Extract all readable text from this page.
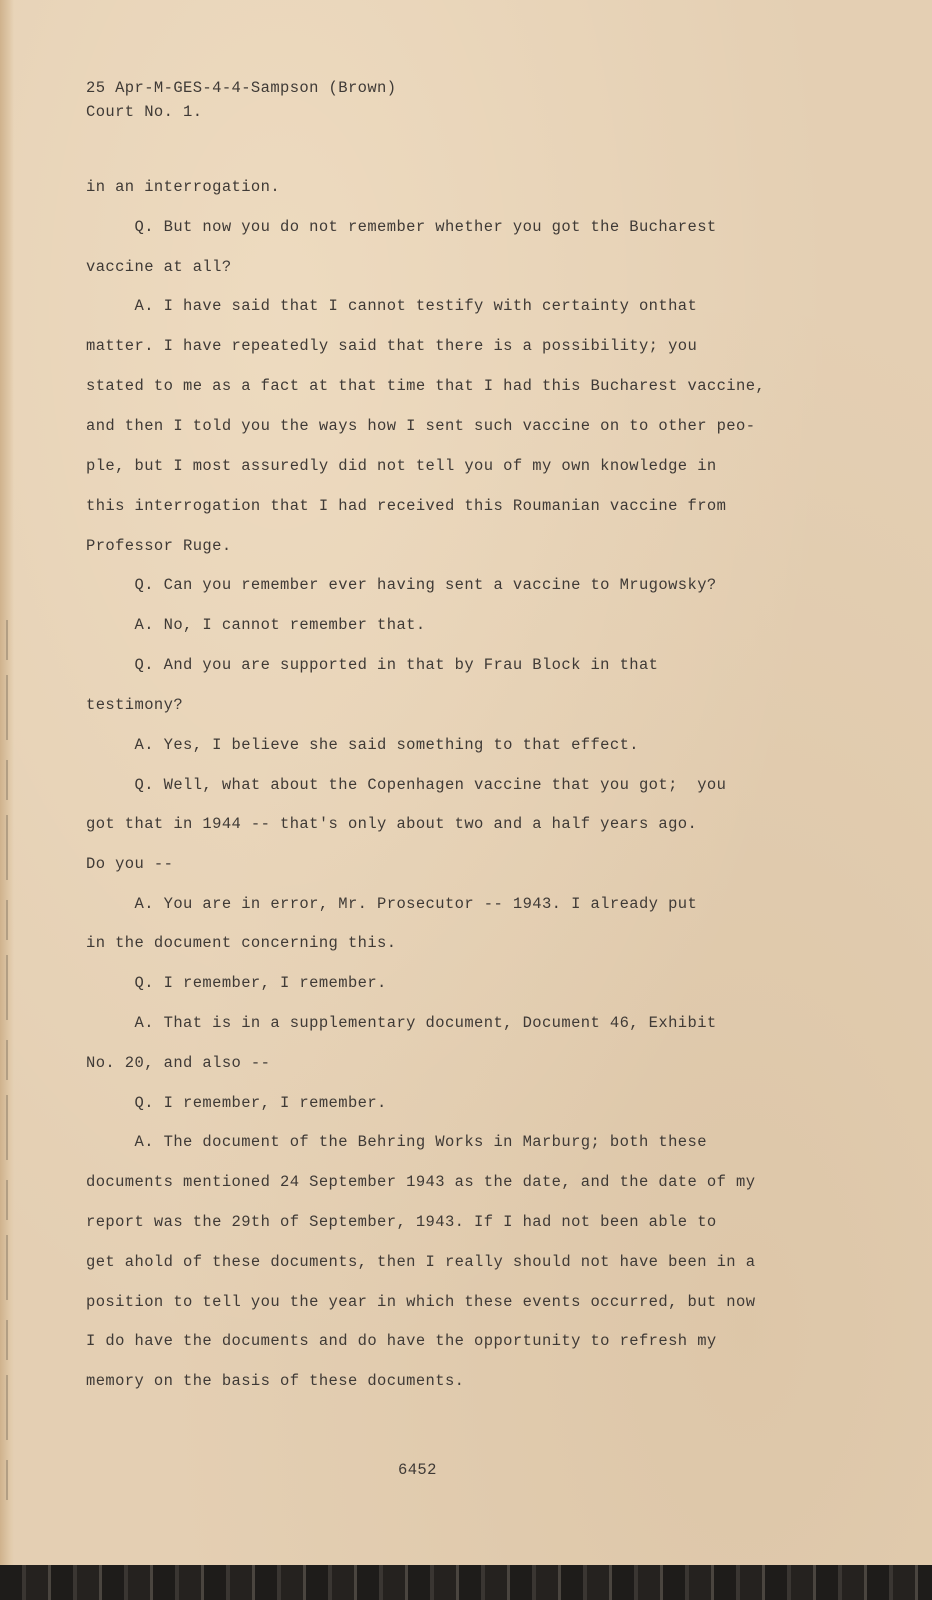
25 Apr-M-GES-4-4-Sampson (Brown)
Court No. 1.
in an interrogation.
Q. But now you do not remember whether you got the Bucharest
vaccine at all?
A. I have said that I cannot testify with certainty onthat
matter. I have repeatedly said that there is a possibility; you
stated to me as a fact at that time that I had this Bucharest vaccine,
and then I told you the ways how I sent such vaccine on to other peo-
ple, but I most assuredly did not tell you of my own knowledge in
this interrogation that I had received this Roumanian vaccine from
Professor Ruge.
Q. Can you remember ever having sent a vaccine to Mrugowsky?
A. No, I cannot remember that.
Q. And you are supported in that by Frau Block in that
testimony?
A. Yes, I believe she said something to that effect.
Q. Well, what about the Copenhagen vaccine that you got;  you
got that in 1944 -- that's only about two and a half years ago.
Do you --
A. You are in error, Mr. Prosecutor -- 1943. I already put
in the document concerning this.
Q. I remember, I remember.
A. That is in a supplementary document, Document 46, Exhibit
No. 20, and also --
Q. I remember, I remember.
A. The document of the Behring Works in Marburg; both these
documents mentioned 24 September 1943 as the date, and the date of my
report was the 29th of September, 1943. If I had not been able to
get ahold of these documents, then I really should not have been in a
position to tell you the year in which these events occurred, but now
I do have the documents and do have the opportunity to refresh my
memory on the basis of these documents.
6452
